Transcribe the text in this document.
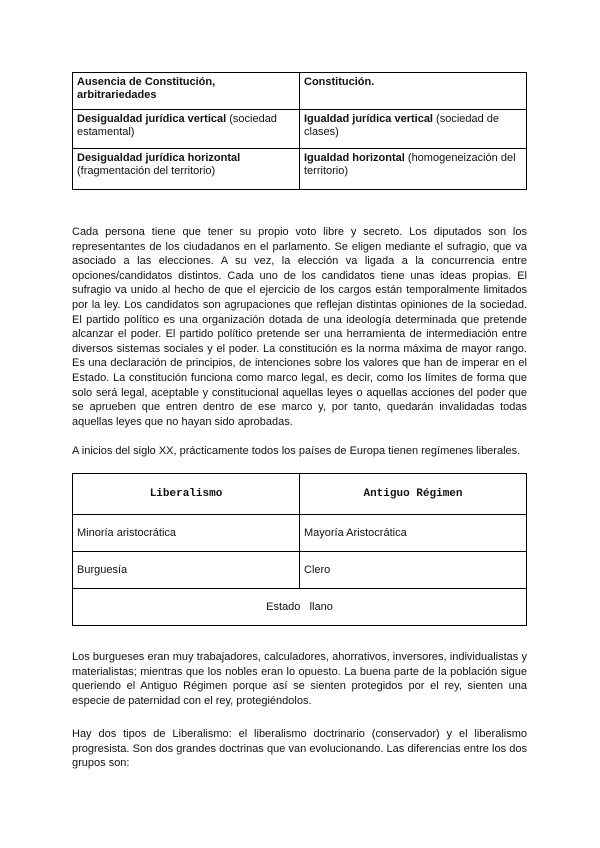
Ausencia de Constitución, arbitrariedades	Constitución.
Desigualdad jurídica vertical (sociedad estamental)	Igualdad jurídica vertical (sociedad de clases)
Desigualdad jurídica horizontal (fragmentación del territorio)	Igualdad horizontal (homogeneización del territorio)

Cada persona tiene que tener su propio voto libre y secreto. Los diputados son los representantes de los ciudadanos en el parlamento. Se eligen mediante el sufragio, que va asociado a las elecciones. A su vez, la elección va ligada a la concurrencia entre opciones/candidatos distintos. Cada uno de los candidatos tiene unas ideas propias. El sufragio va unido al hecho de que el ejercicio de los cargos están temporalmente limitados por la ley. Los candidatos son agrupaciones que reflejan distintas opiniones de la sociedad. El partido político es una organización dotada de una ideología determinada que pretende alcanzar el poder. El partido político pretende ser una herramienta de intermediación entre diversos sistemas sociales y el poder. La constitución es la norma máxima de mayor rango. Es una declaración de principios, de intenciones sobre los valores que han de imperar en el Estado. La constitución funciona como marco legal, es decir, como los límites de forma que solo será legal, aceptable y constitucional aquellas leyes o aquellas acciones del poder que se aprueben que entren dentro de ese marco y, por tanto, quedarán invalidadas todas aquellas leyes que no hayan sido aprobadas.

A inicios del siglo XX, prácticamente todos los países de Europa tienen regímenes liberales.

Liberalismo	Antiguo Régimen
Minoría aristocrática	Mayoría Aristocrática
Burguesía	Clero
Estado   llano	

Los burgueses eran muy trabajadores, calculadores, ahorrativos, inversores, individualistas y materialistas; mientras que los nobles eran lo opuesto. La buena parte de la población sigue queriendo el Antiguo Régimen porque así se sienten protegidos por el rey, sienten una especie de paternidad con el rey, protegiéndolos.

Hay dos tipos de Liberalismo: el liberalismo doctrinario (conservador) y el liberalismo progresista. Son dos grandes doctrinas que van evolucionando. Las diferencias entre los dos grupos son:
